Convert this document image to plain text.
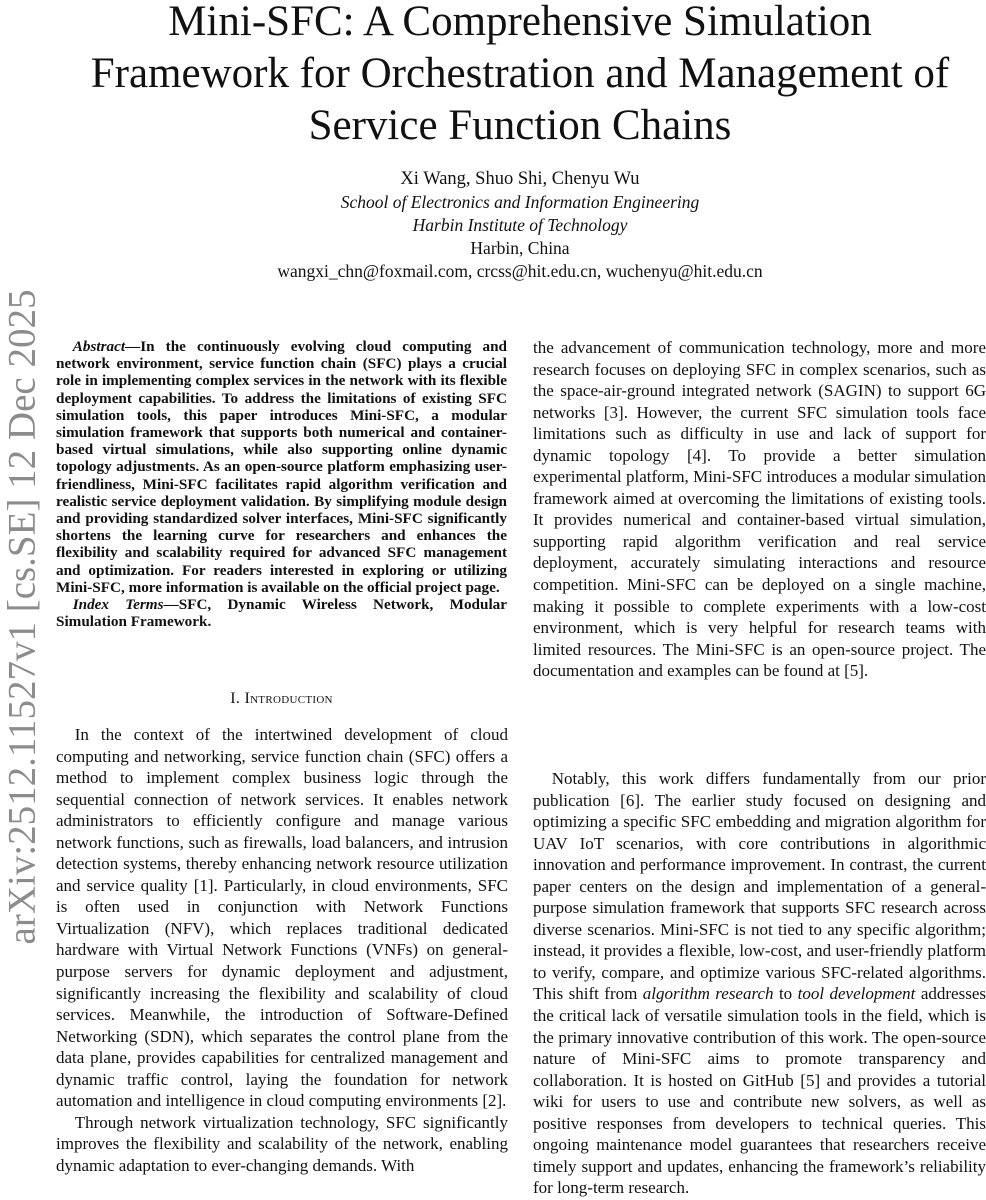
arXiv:2512.11527v1 [cs.SE] 12 Dec 2025
Mini-SFC: A Comprehensive Simulation
Framework for Orchestration and Management of
Service Function Chains
Xi Wang, Shuo Shi, Chenyu Wu
School of Electronics and Information Engineering
Harbin Institute of Technology
Harbin, China
wangxi_chn@foxmail.com, crcss@hit.edu.cn, wuchenyu@hit.edu.cn

Abstract—In the continuously evolving cloud computing and network environment, service function chain (SFC) plays a crucial role in implementing complex services in the network with its flexible deployment capabilities. To address the limitations of existing SFC simulation tools, this paper introduces Mini-SFC, a modular simulation framework that supports both numerical and container-based virtual simulations, while also supporting online dynamic topology adjustments. As an open-source platform emphasizing user-friendliness, Mini-SFC facilitates rapid algorithm verification and realistic service deployment validation. By simplifying module design and providing standardized solver interfaces, Mini-SFC significantly shortens the learning curve for researchers and enhances the flexibility and scalability required for advanced SFC management and optimization. For readers interested in exploring or utilizing Mini-SFC, more information is available on the official project page.

Index Terms—SFC, Dynamic Wireless Network, Modular Simulation Framework.

I. Introduction

In the context of the intertwined development of cloud computing and networking, service function chain (SFC) offers a method to implement complex business logic through the sequential connection of network services. It enables network administrators to efficiently configure and manage various network functions, such as firewalls, load balancers, and intrusion detection systems, thereby enhancing network resource utilization and service quality [1]. Particularly, in cloud environments, SFC is often used in conjunction with Network Functions Virtualization (NFV), which replaces traditional dedicated hardware with Virtual Network Functions (VNFs) on general-purpose servers for dynamic deployment and adjustment, significantly increasing the flexibility and scalability of cloud services. Meanwhile, the introduction of Software-Defined Networking (SDN), which separates the control plane from the data plane, provides capabilities for centralized management and dynamic traffic control, laying the foundation for network automation and intelligence in cloud computing environments [2].

Through network virtualization technology, SFC significantly improves the flexibility and scalability of the network, enabling dynamic adaptation to ever-changing demands. With

the advancement of communication technology, more and more research focuses on deploying SFC in complex scenarios, such as the space-air-ground integrated network (SAGIN) to support 6G networks [3]. However, the current SFC simulation tools face limitations such as difficulty in use and lack of support for dynamic topology [4]. To provide a better simulation experimental platform, Mini-SFC introduces a modular simulation framework aimed at overcoming the limitations of existing tools. It provides numerical and container-based virtual simulation, supporting rapid algorithm verification and real service deployment, accurately simulating interactions and resource competition. Mini-SFC can be deployed on a single machine, making it possible to complete experiments with a low-cost environment, which is very helpful for research teams with limited resources. The Mini-SFC is an open-source project. The documentation and examples can be found at [5].

Notably, this work differs fundamentally from our prior publication [6]. The earlier study focused on designing and optimizing a specific SFC embedding and migration algorithm for UAV IoT scenarios, with core contributions in algorithmic innovation and performance improvement. In contrast, the current paper centers on the design and implementation of a general-purpose simulation framework that supports SFC research across diverse scenarios. Mini-SFC is not tied to any specific algorithm; instead, it provides a flexible, low-cost, and user-friendly platform to verify, compare, and optimize various SFC-related algorithms. This shift from algorithm research to tool development addresses the critical lack of versatile simulation tools in the field, which is the primary innovative contribution of this work. The open-source nature of Mini-SFC aims to promote transparency and collaboration. It is hosted on GitHub [5] and provides a tutorial wiki for users to use and contribute new solvers, as well as positive responses from developers to technical queries. This ongoing maintenance model guarantees that researchers receive timely support and updates, enhancing the framework’s reliability for long-term research.
